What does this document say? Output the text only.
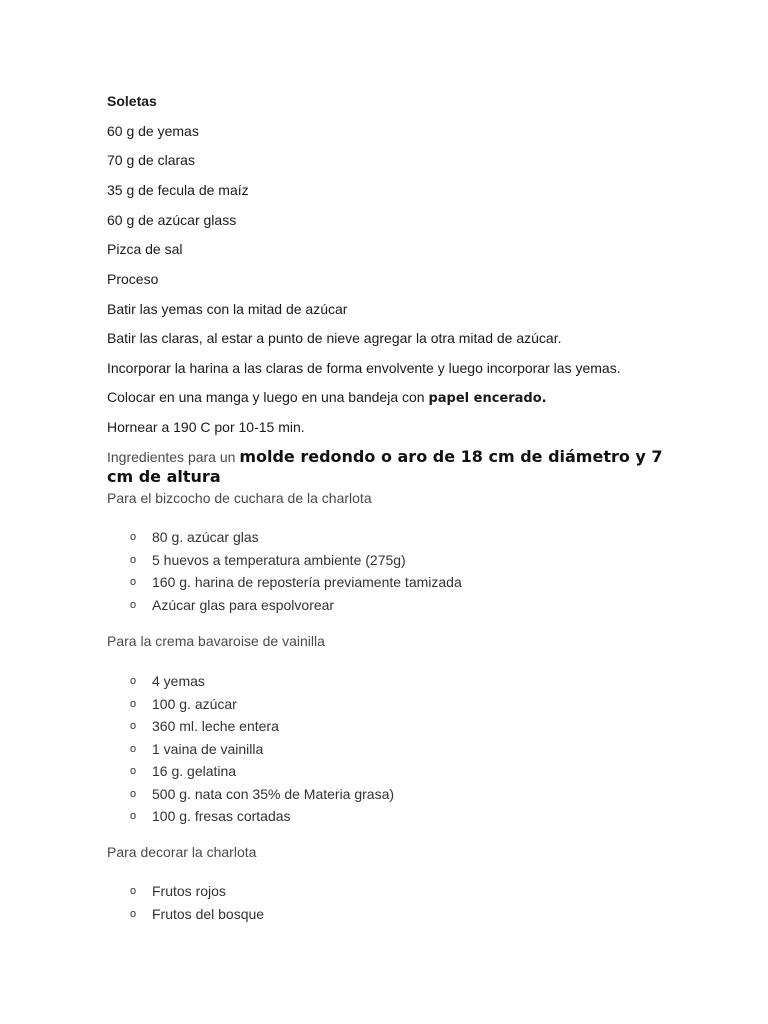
Soletas
60 g de yemas
70 g de claras
35 g de fecula de maíz
60 g de azúcar glass
Pizca de sal
Proceso
Batir las yemas con la mitad de azúcar
Batir las claras, al estar a punto de nieve agregar la otra mitad de azúcar.
Incorporar la harina a las claras de forma envolvente y luego incorporar las yemas.
Colocar en una manga y luego en una bandeja con papel encerado.
Hornear a 190 C por 10-15 min.
Ingredientes para un molde redondo o aro de 18 cm de diámetro y 7 cm de altura
Para el bizcocho de cuchara de la charlota
o 80 g. azúcar glas
o 5 huevos a temperatura ambiente (275g)
o 160 g. harina de repostería previamente tamizada
o Azúcar glas para espolvorear
Para la crema bavaroise de vainilla
o 4 yemas
o 100 g. azúcar
o 360 ml. leche entera
o 1 vaina de vainilla
o 16 g. gelatina
o 500 g. nata con 35% de Materia grasa)
o 100 g. fresas cortadas
Para decorar la charlota
o Frutos rojos
o Frutos del bosque
